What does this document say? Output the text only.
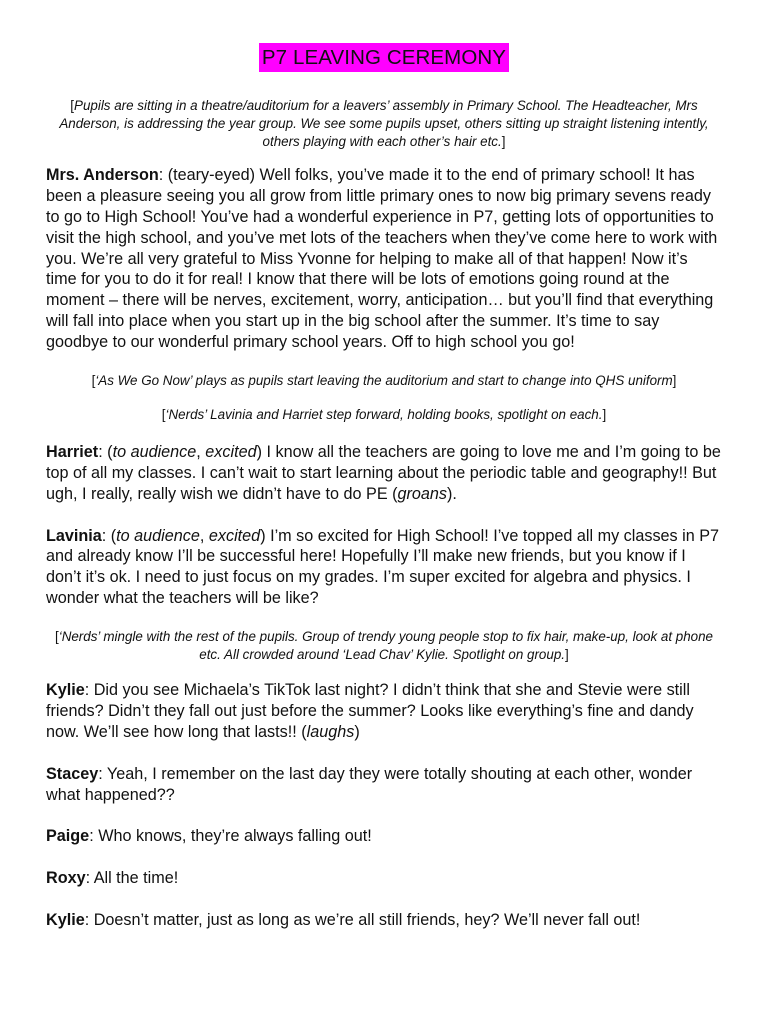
P7 LEAVING CEREMONY

[Pupils are sitting in a theatre/auditorium for a leavers’ assembly in Primary School. The Headteacher, Mrs Anderson, is addressing the year group. We see some pupils upset, others sitting up straight listening intently, others playing with each other’s hair etc.]

Mrs. Anderson: (teary-eyed) Well folks, you’ve made it to the end of primary school! It has been a pleasure seeing you all grow from little primary ones to now big primary sevens ready to go to High School! You’ve had a wonderful experience in P7, getting lots of opportunities to visit the high school, and you’ve met lots of the teachers when they’ve come here to work with you. We’re all very grateful to Miss Yvonne for helping to make all of that happen! Now it’s time for you to do it for real! I know that there will be lots of emotions going round at the moment – there will be nerves, excitement, worry, anticipation… but you’ll find that everything will fall into place when you start up in the big school after the summer. It’s time to say goodbye to our wonderful primary school years. Off to high school you go!

[‘As We Go Now’ plays as pupils start leaving the auditorium and start to change into QHS uniform]

[‘Nerds’ Lavinia and Harriet step forward, holding books, spotlight on each.]

Harriet: (to audience, excited) I know all the teachers are going to love me and I’m going to be top of all my classes. I can’t wait to start learning about the periodic table and geography!! But ugh, I really, really wish we didn’t have to do PE (groans).

Lavinia: (to audience, excited) I’m so excited for High School! I’ve topped all my classes in P7 and already know I’ll be successful here! Hopefully I’ll make new friends, but you know if I don’t it’s ok. I need to just focus on my grades. I’m super excited for algebra and physics. I wonder what the teachers will be like?

[‘Nerds’ mingle with the rest of the pupils. Group of trendy young people stop to fix hair, make-up, look at phone etc. All crowded around ‘Lead Chav’ Kylie. Spotlight on group.]

Kylie: Did you see Michaela’s TikTok last night? I didn’t think that she and Stevie were still friends? Didn’t they fall out just before the summer? Looks like everything’s fine and dandy now. We’ll see how long that lasts!! (laughs)

Stacey: Yeah, I remember on the last day they were totally shouting at each other, wonder what happened??

Paige: Who knows, they’re always falling out!

Roxy: All the time!

Kylie: Doesn’t matter, just as long as we’re all still friends, hey? We’ll never fall out!
